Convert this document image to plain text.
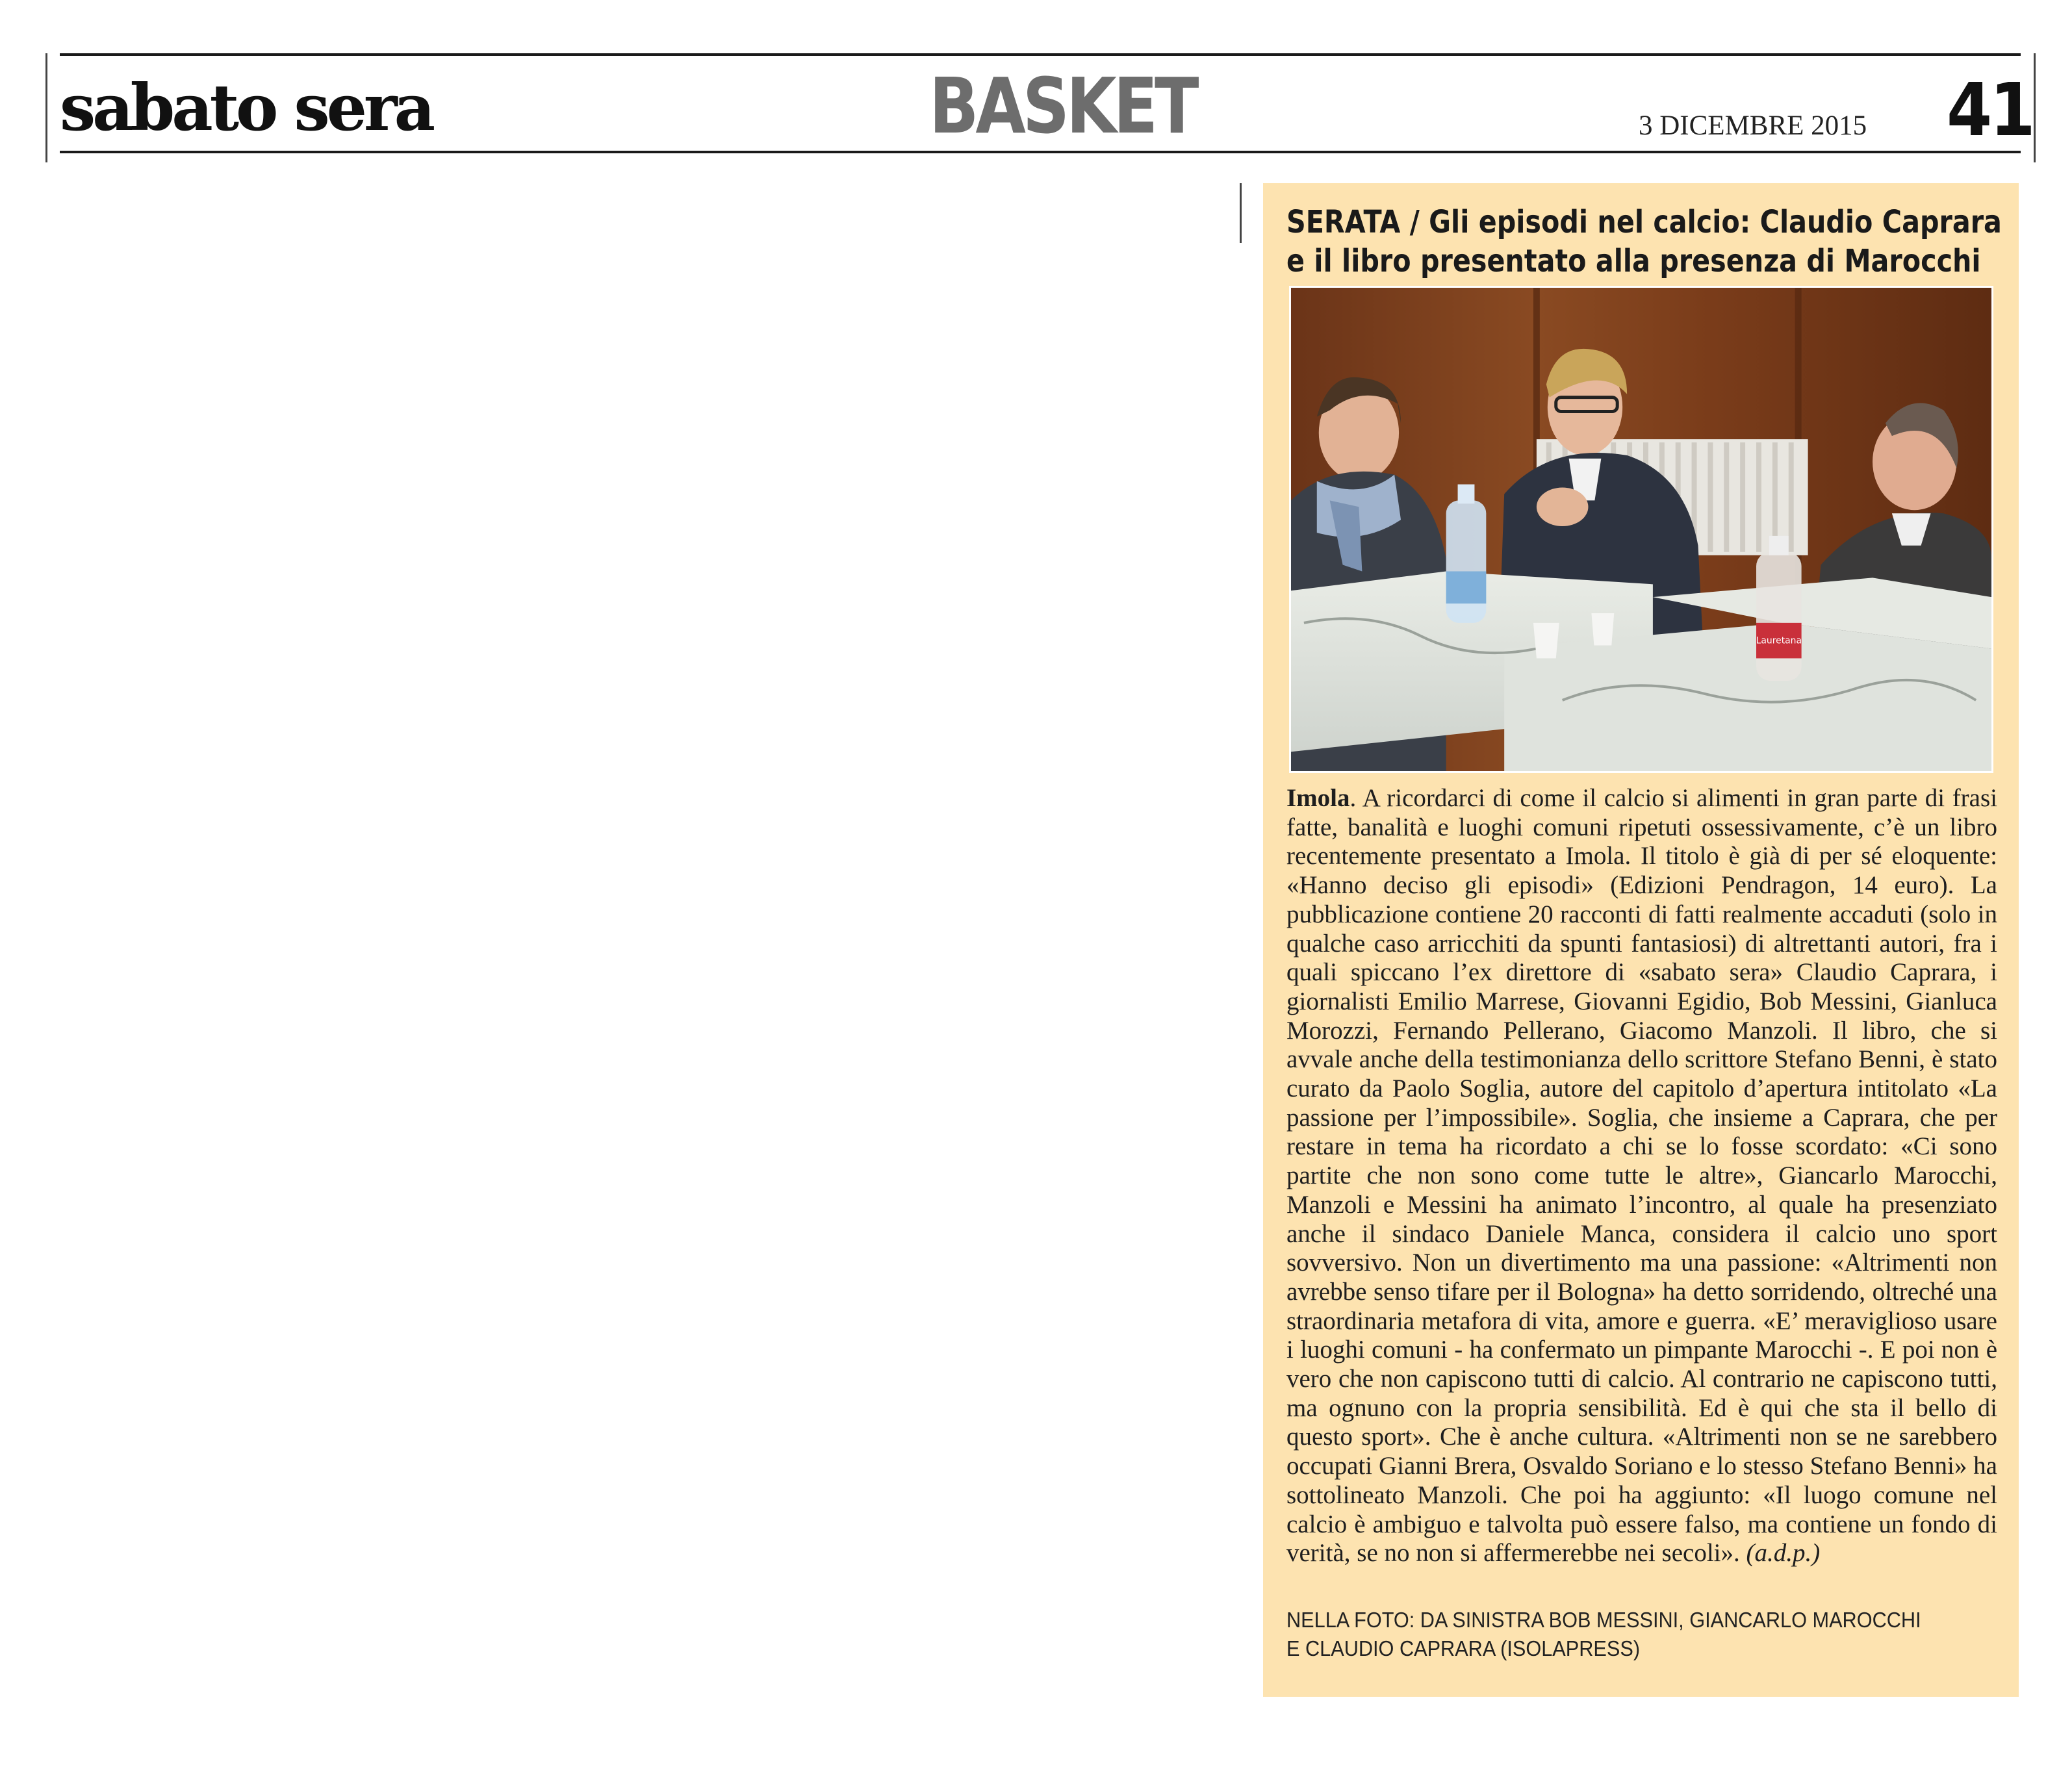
sabato sera	BASKET	3 DICEMBRE 2015 41
SERATA / Gli episodi nel calcio: Claudio Caprara
e il libro presentato alla presenza di Marocchi
Lauretana
Imola. A ricordarci di come il calcio si alimenti in gran parte di frasi fatte, banalità e luoghi comuni ripetuti ossessivamente, c’è un libro recentemente presentato a Imola. Il titolo è già di per sé eloquente: «Hanno deciso gli episodi» (Edizioni Pendragon, 14 euro). La pubblicazione contiene 20 racconti di fatti realmente accaduti (solo in qualche caso arricchiti da spunti fantasiosi) di altrettanti autori, fra i quali spiccano l’ex direttore di «sabato sera» Claudio Caprara, i giornalisti Emilio Marrese, Giovanni Egidio, Bob Messini, Gianluca Morozzi, Fernando Pellerano, Giacomo Manzoli. Il libro, che si avvale anche della testimonianza dello scrittore Stefano Benni, è stato curato da Paolo Soglia, autore del capitolo d’apertura intitolato «La passione per l’impossibile». Soglia, che insieme a Caprara, che per restare in tema ha ricordato a chi se lo fosse scordato: «Ci sono partite che non sono come tutte le altre», Giancarlo Marocchi, Manzoli e Messini ha animato l’incontro, al quale ha presenziato anche il sindaco Daniele Manca, considera il calcio uno sport sovversivo. Non un divertimento ma una passione: «Altrimenti non avrebbe senso tifare per il Bologna» ha detto sorridendo, oltreché una straordinaria metafora di vita, amore e guerra. «E’ meraviglioso usare i luoghi comuni - ha confermato un pimpante Marocchi -. E poi non è vero che non capiscono tutti di calcio. Al contrario ne capiscono tutti, ma ognuno con la propria sensibilità. Ed è qui che sta il bello di questo sport». Che è anche cultura. «Altrimenti non se ne sarebbero occupati Gianni Brera, Osvaldo Soriano e lo stesso Stefano Benni» ha sottolineato Manzoli. Che poi ha aggiunto: «Il luogo comune nel calcio è ambiguo e talvolta può essere falso, ma contiene un fondo di verità, se no non si affermerebbe nei secoli». (a.d.p.)
NELLA FOTO: DA SINISTRA BOB MESSINI, GIANCARLO MAROCCHI
E CLAUDIO CAPRARA (ISOLAPRESS)
